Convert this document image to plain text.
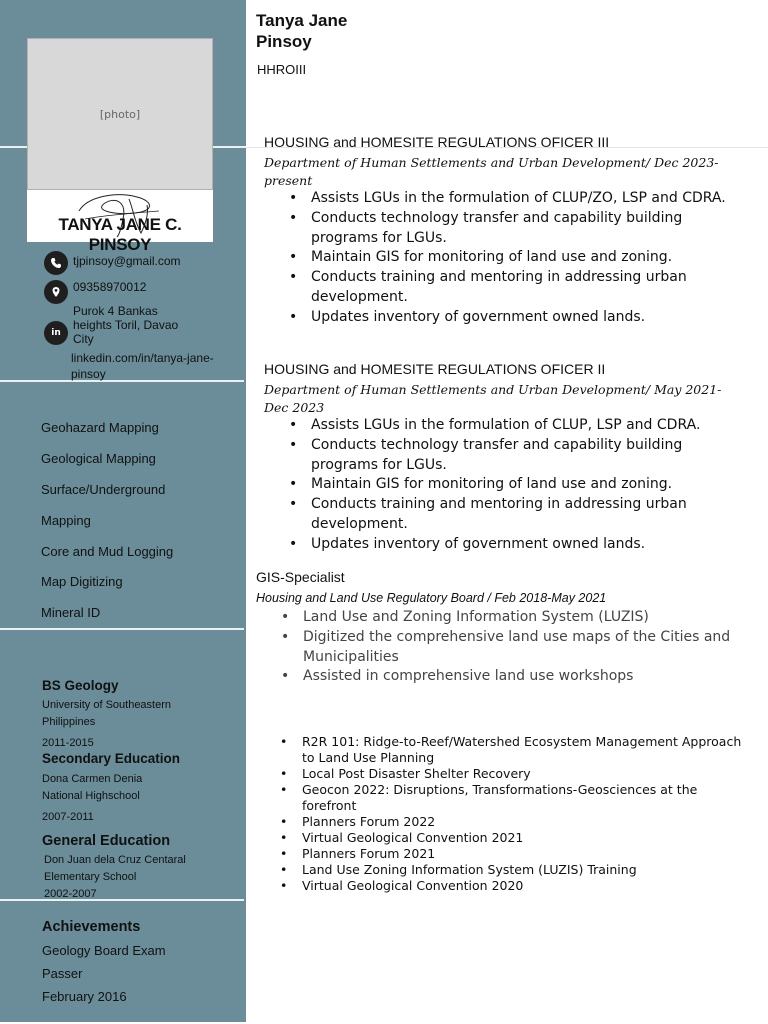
[photo]
TANYA JANE C. PINSOY
in
tjpinsoy@gmail.com
09358970012
Purok 4 Bankas
heights Toril, Davao
City
linkedin.com/in/tanya-jane-
pinsoy
Geohazard Mapping
Geological Mapping
Surface/Underground
Mapping
Core and Mud Logging
Map Digitizing
Mineral ID
BS Geology
University of Southeastern
Philippines
2011-2015
Secondary Education
Dona Carmen Denia
National Highschool
2007-2011
General Education
Don Juan dela Cruz Centaral
Elementary School
2002-2007
Achievements
Geology Board Exam
Passer
February 2016
Tanya Jane
Pinsoy
HHROIII
HOUSING and HOMESITE REGULATIONS OFICER III
Department of Human Settlements and Urban Development/ Dec 2023-present
• Assists LGUs in the formulation of CLUP/ZO, LSP and CDRA.
• Conducts technology transfer and capability building programs for LGUs.
• Maintain GIS for monitoring of land use and zoning.
• Conducts training and mentoring in addressing urban development.
• Updates inventory of government owned lands.
HOUSING and HOMESITE REGULATIONS OFICER II
Department of Human Settlements and Urban Development/ May 2021-Dec 2023
• Assists LGUs in the formulation of CLUP, LSP and CDRA.
• Conducts technology transfer and capability building programs for LGUs.
• Maintain GIS for monitoring of land use and zoning.
• Conducts training and mentoring in addressing urban development.
• Updates inventory of government owned lands.
GIS-Specialist
Housing and Land Use Regulatory Board / Feb 2018-May 2021
• Land Use and Zoning Information System (LUZIS)
• Digitized the comprehensive land use maps of the Cities and Municipalities
• Assisted in comprehensive land use workshops
• R2R 101: Ridge-to-Reef/Watershed Ecosystem Management Approach to Land Use Planning
• Local Post Disaster Shelter Recovery
• Geocon 2022: Disruptions, Transformations-Geosciences at the forefront
• Planners Forum 2022
• Virtual Geological Convention 2021
• Planners Forum 2021
• Land Use Zoning Information System (LUZIS) Training
• Virtual Geological Convention 2020
